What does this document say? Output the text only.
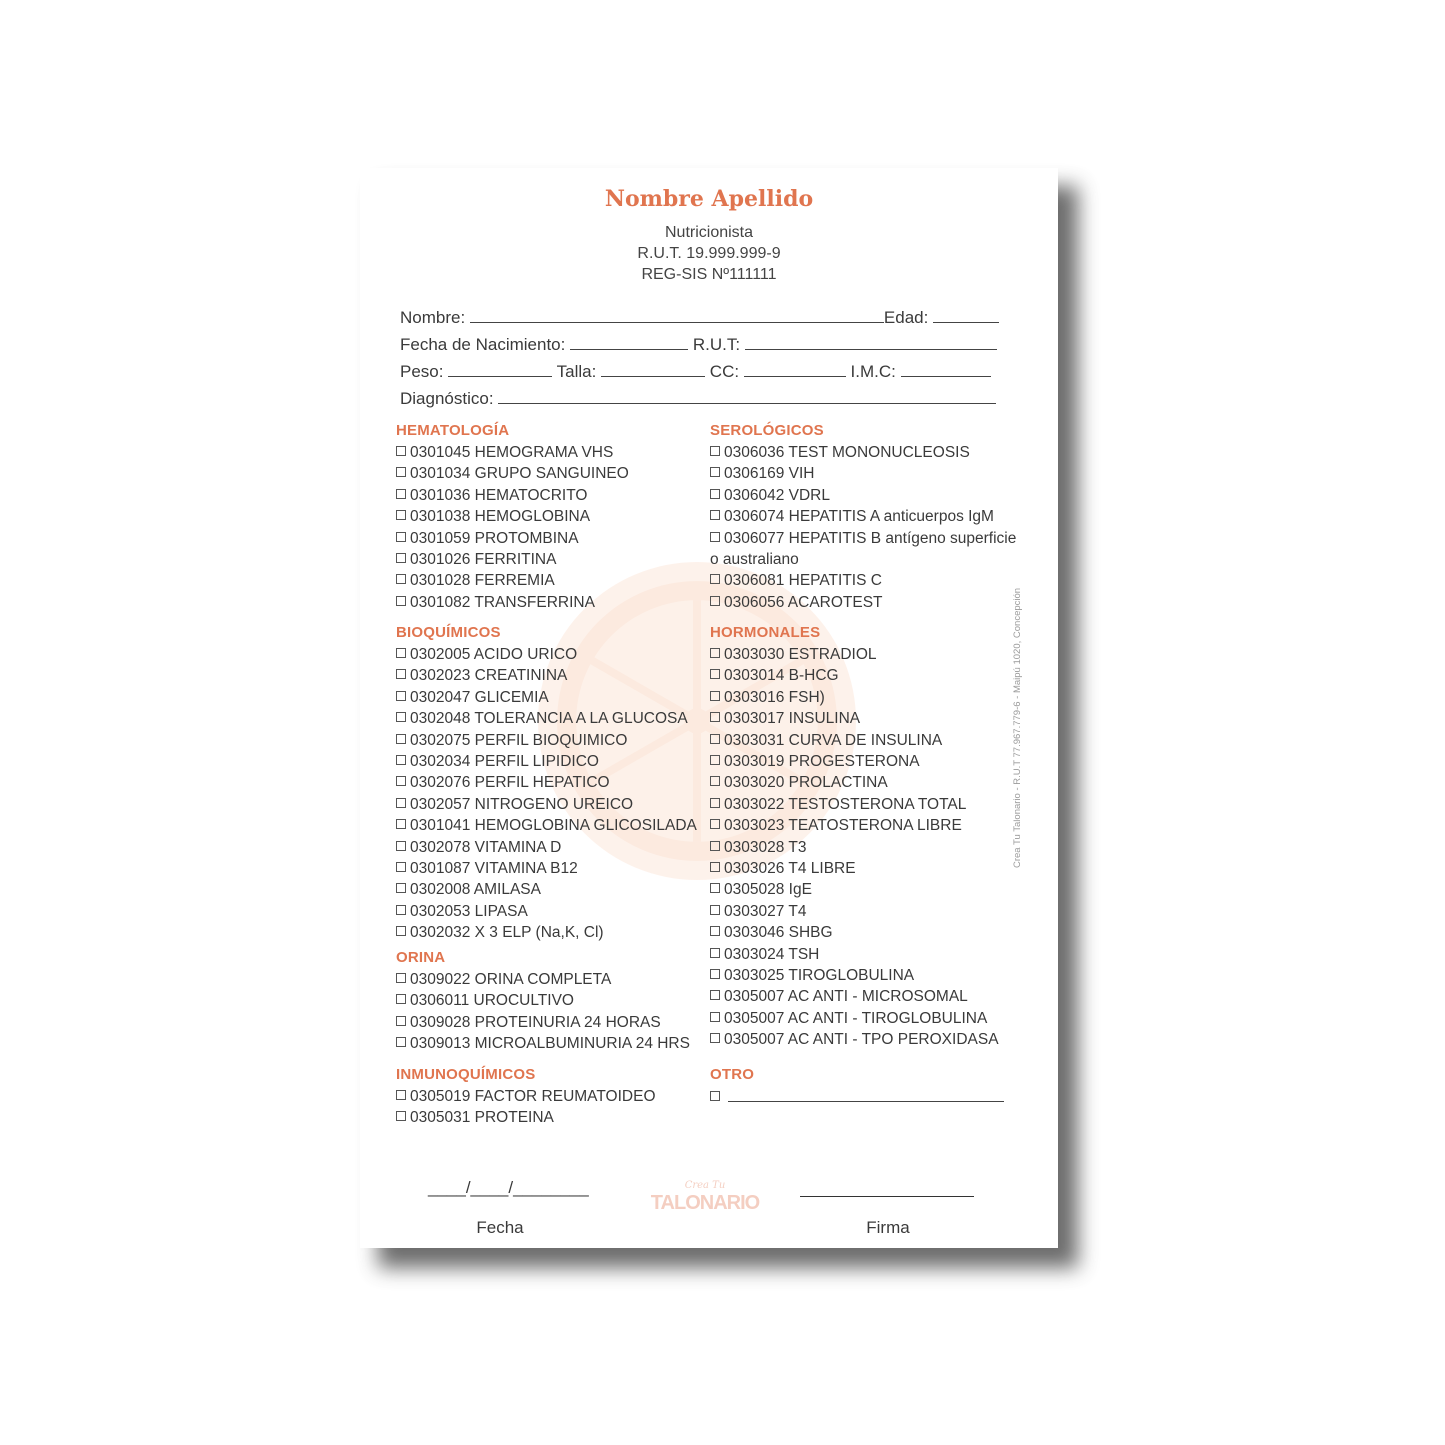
Nombre Apellido
Nutricionista
R.U.T. 19.999.999-9
REG-SIS Nº111111
Nombre:	Edad:
Fecha de Nacimiento:	R.U.T:
Peso:	Talla:	CC:	I.M.C:
Diagnóstico:
HEMATOLOGÍA
BIOQUÍMICOS
ORINA
INMUNOQUÍMICOS
SEROLÓGICOS
HORMONALES
OTRO

Crea Tu Talonario - R.U.T 77.967.779-6 - Maipú 1020, Concepción
____/____/________
Fecha
Crea Tu
TALONARIO
Firma
0301045 HEMOGRAMA VHS
0301034 GRUPO SANGUINEO
0301036 HEMATOCRITO
0301038 HEMOGLOBINA
0301059 PROTOMBINA
0301026 FERRITINA
0301028 FERREMIA
0301082 TRANSFERRINA
0302005 ACIDO URICO
0302023 CREATININA
0302047 GLICEMIA
0302048 TOLERANCIA A LA GLUCOSA
0302075 PERFIL BIOQUIMICO
0302034 PERFIL LIPIDICO
0302076 PERFIL HEPATICO
0302057 NITROGENO UREICO
0301041 HEMOGLOBINA GLICOSILADA
0302078 VITAMINA D
0301087 VITAMINA B12
0302008 AMILASA
0302053 LIPASA
0302032 X 3 ELP (Na,K, Cl)
0309022 ORINA COMPLETA
0306011 UROCULTIVO
0309028 PROTEINURIA 24 HORAS
0309013 MICROALBUMINURIA 24 HRS
0305019 FACTOR REUMATOIDEO
0305031 PROTEINA
0306036 TEST MONONUCLEOSIS
0306169 VIH
0306042 VDRL
0306074 HEPATITIS A anticuerpos IgM
0306077 HEPATITIS B antígeno superficie
o australiano
0306081 HEPATITIS C
0306056 ACAROTEST
0303030 ESTRADIOL
0303014 B-HCG
0303016 FSH)
0303017 INSULINA
0303031 CURVA DE INSULINA
0303019 PROGESTERONA
0303020 PROLACTINA
0303022 TESTOSTERONA TOTAL
0303023 TEATOSTERONA LIBRE
0303028 T3
0303026 T4 LIBRE
0305028 IgE
0303027 T4
0303046 SHBG
0303024 TSH
0303025 TIROGLOBULINA
0305007 AC ANTI - MICROSOMAL
0305007 AC ANTI - TIROGLOBULINA
0305007 AC ANTI - TPO PEROXIDASA
